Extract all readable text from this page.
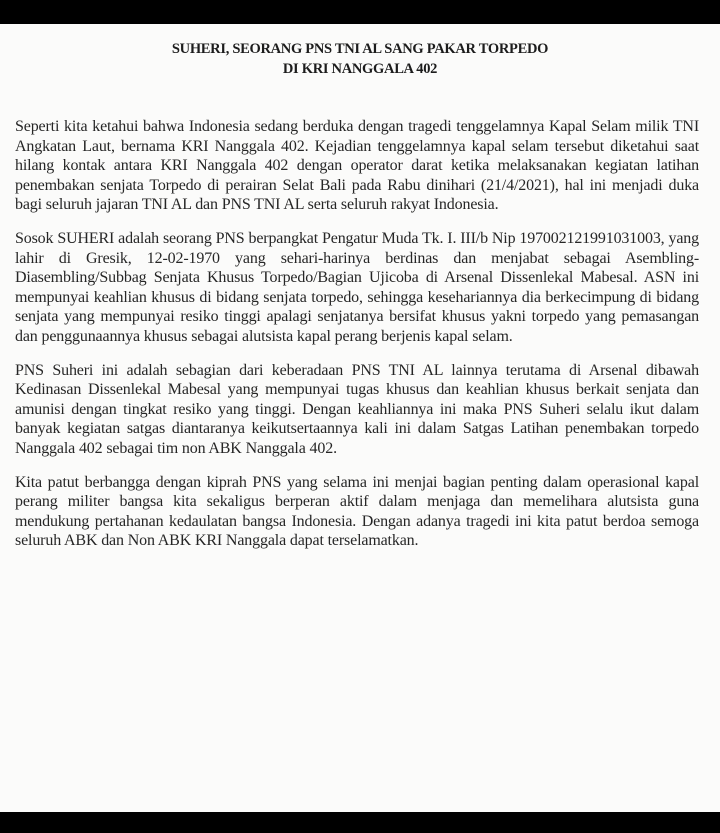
SUHERI, SEORANG PNS TNI AL SANG PAKAR TORPEDO
DI KRI NANGGALA 402

Seperti kita ketahui bahwa Indonesia sedang berduka dengan tragedi tenggelamnya Kapal Selam milik TNI Angkatan Laut, bernama KRI Nanggala 402. Kejadian tenggelamnya kapal selam tersebut diketahui saat hilang kontak antara KRI Nanggala 402 dengan operator darat ketika melaksanakan kegiatan latihan penembakan senjata Torpedo di perairan Selat Bali pada Rabu dinihari (21/4/2021), hal ini menjadi duka bagi seluruh jajaran TNI AL dan PNS TNI AL serta seluruh rakyat Indonesia.

Sosok SUHERI adalah seorang PNS berpangkat Pengatur Muda Tk. I. III/b Nip 197002121991031003, yang lahir di Gresik, 12-02-1970 yang sehari-harinya berdinas dan menjabat sebagai Asembling-Diasembling/Subbag Senjata Khusus Torpedo/Bagian Ujicoba di Arsenal Dissenlekal Mabesal. ASN ini mempunyai keahlian khusus di bidang senjata torpedo, sehingga kesehariannya dia berkecimpung di bidang senjata yang mempunyai resiko tinggi apalagi senjatanya bersifat khusus yakni torpedo yang pemasangan dan penggunaannya khusus sebagai alutsista kapal perang berjenis kapal selam.

PNS Suheri ini adalah sebagian dari keberadaan PNS TNI AL lainnya terutama di Arsenal dibawah Kedinasan Dissenlekal Mabesal yang mempunyai tugas khusus dan keahlian khusus berkait senjata dan amunisi dengan tingkat resiko yang tinggi. Dengan keahliannya ini maka PNS Suheri selalu ikut dalam banyak kegiatan satgas diantaranya keikutsertaannya kali ini dalam Satgas Latihan penembakan torpedo Nanggala 402 sebagai tim non ABK Nanggala 402.

Kita patut berbangga dengan kiprah PNS yang selama ini menjai bagian penting dalam operasional kapal perang militer bangsa kita sekaligus berperan aktif dalam menjaga dan memelihara alutsista guna mendukung pertahanan kedaulatan bangsa Indonesia. Dengan adanya tragedi ini kita patut berdoa semoga seluruh ABK dan Non ABK KRI Nanggala dapat terselamatkan.
